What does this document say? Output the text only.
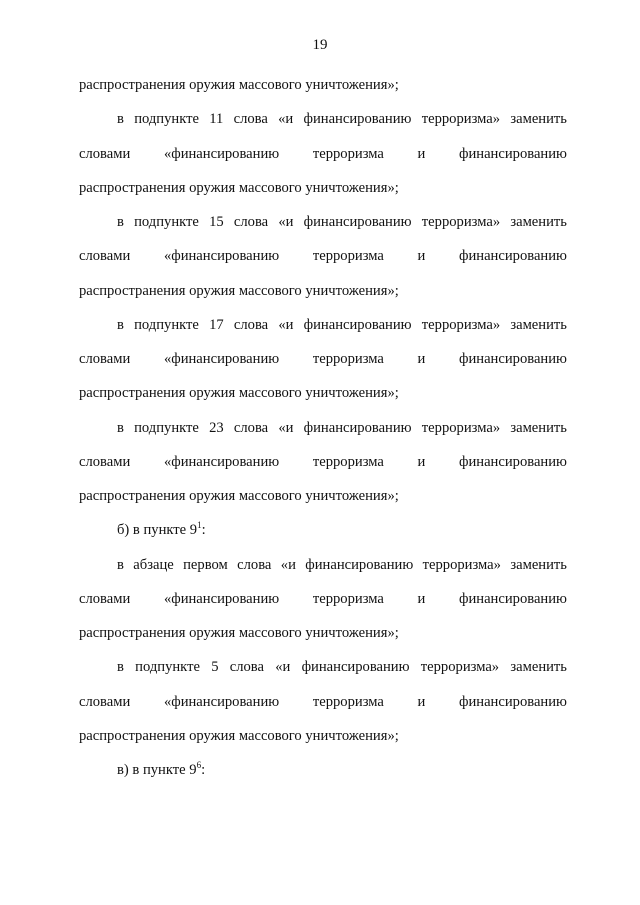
19
распространения оружия массового уничтожения»;
в подпункте 11 слова «и финансированию терроризма» заменить
словами «финансированию терроризма и финансированию
распространения оружия массового уничтожения»;
в подпункте 15 слова «и финансированию терроризма» заменить
словами «финансированию терроризма и финансированию
распространения оружия массового уничтожения»;
в подпункте 17 слова «и финансированию терроризма» заменить
словами «финансированию терроризма и финансированию
распространения оружия массового уничтожения»;
в подпункте 23 слова «и финансированию терроризма» заменить
словами «финансированию терроризма и финансированию
распространения оружия массового уничтожения»;
б) в пункте $9^1$:
в абзаце первом слова «и финансированию терроризма» заменить
словами «финансированию терроризма и финансированию
распространения оружия массового уничтожения»;
в подпункте 5 слова «и финансированию терроризма» заменить
словами «финансированию терроризма и финансированию
распространения оружия массового уничтожения»;
в) в пункте $9^6$:
